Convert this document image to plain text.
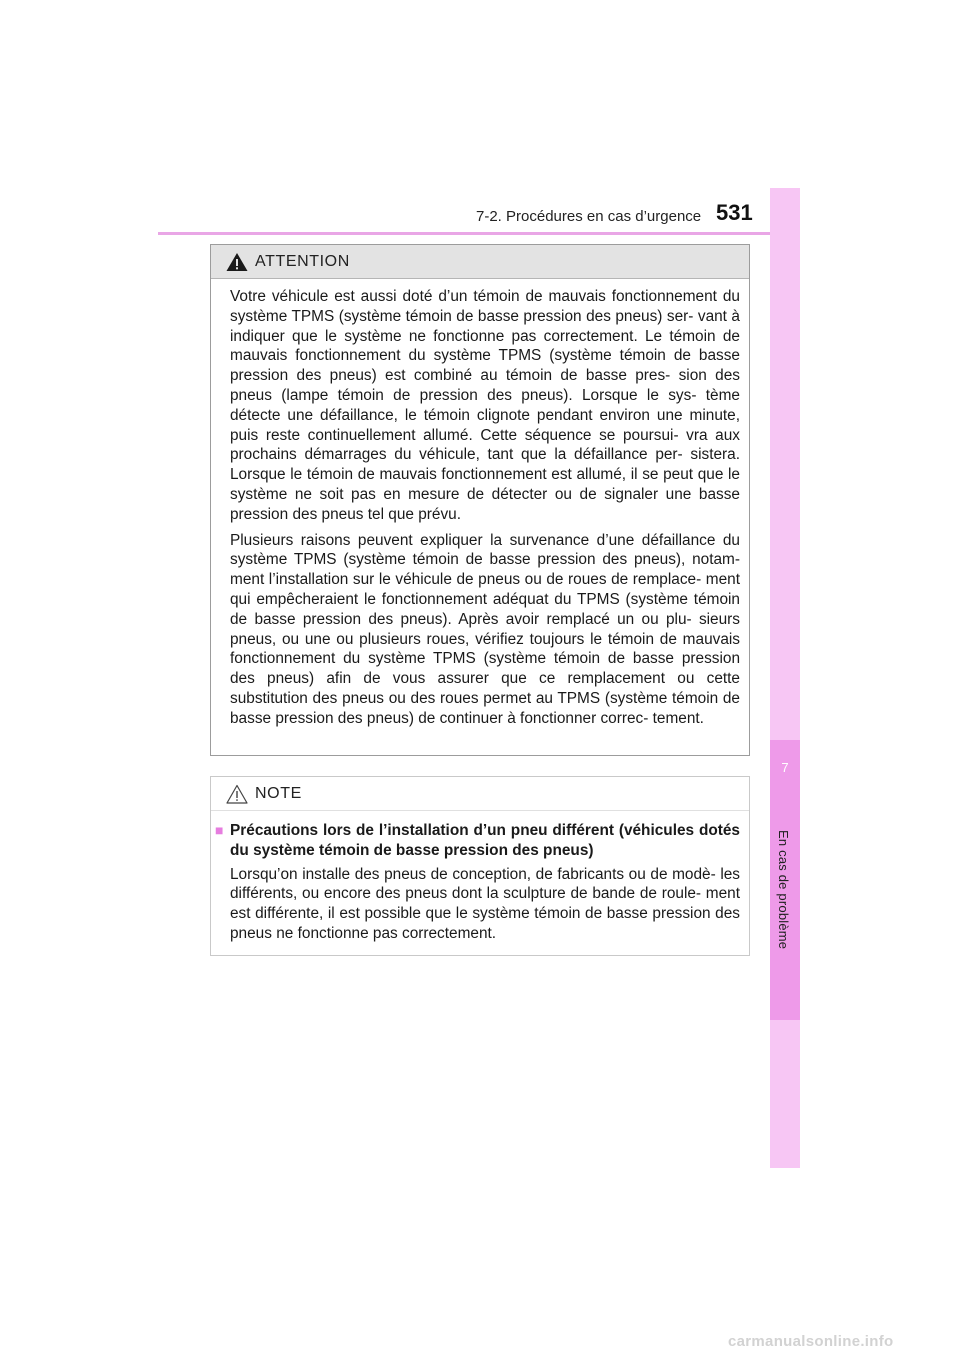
7-2. Procédures en cas d’urgence 531
7
En cas de problème
ATTENTION

Votre véhicule est aussi doté d’un témoin de mauvais fonctionnement du système TPMS (système témoin de basse pression des pneus) ser- vant à indiquer que le système ne fonctionne pas correctement. Le témoin de mauvais fonctionnement du système TPMS (système témoin de basse pression des pneus) est combiné au témoin de basse pres- sion des pneus (lampe témoin de pression des pneus). Lorsque le sys- tème détecte une défaillance, le témoin clignote pendant environ une minute, puis reste continuellement allumé. Cette séquence se poursui- vra aux prochains démarrages du véhicule, tant que la défaillance per- sistera. Lorsque le témoin de mauvais fonctionnement est allumé, il se peut que le système ne soit pas en mesure de détecter ou de signaler une basse pression des pneus tel que prévu.

Plusieurs raisons peuvent expliquer la survenance d’une défaillance du système TPMS (système témoin de basse pression des pneus), notam- ment l’installation sur le véhicule de pneus ou de roues de remplace- ment qui empêcheraient le fonctionnement adéquat du TPMS (système témoin de basse pression des pneus). Après avoir remplacé un ou plu- sieurs pneus, ou une ou plusieurs roues, vérifiez toujours le témoin de mauvais fonctionnement du système TPMS (système témoin de basse pression des pneus) afin de vous assurer que ce remplacement ou cette substitution des pneus ou des roues permet au TPMS (système témoin de basse pression des pneus) de continuer à fonctionner correc- tement.

NOTE
■ Précautions lors de l’installation d’un pneu différent (véhicules dotés du système témoin de basse pression des pneus)

Lorsqu’on installe des pneus de conception, de fabricants ou de modè- les différents, ou encore des pneus dont la sculpture de bande de roule- ment est différente, il est possible que le système témoin de basse pression des pneus ne fonctionne pas correctement.

carmanualsonline.info
